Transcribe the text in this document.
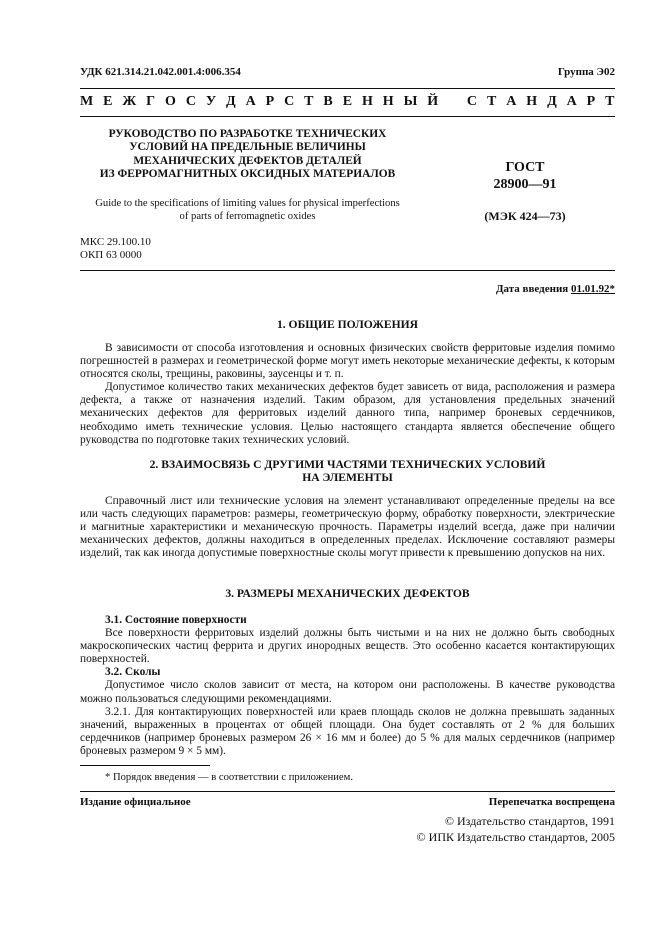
УДК 621.314.21.042.001.4:006.354	Группа Э02
М Е Ж Г О С У Д А Р С Т В Е Н Н Ы Й   С Т А Н Д А Р Т
РУКОВОДСТВО ПО РАЗРАБОТКЕ ТЕХНИЧЕСКИХ
УСЛОВИЙ НА ПРЕДЕЛЬНЫЕ ВЕЛИЧИНЫ
МЕХАНИЧЕСКИХ ДЕФЕКТОВ ДЕТАЛЕЙ
ИЗ ФЕРРОМАГНИТНЫХ ОКСИДНЫХ МАТЕРИАЛОВ
Guide to the specifications of limiting values for physical imperfections
of parts of ferromagnetic oxides
ГОСТ
28900—91
(МЭК 424—73)
МКС 29.100.10
ОКП 63 0000
Дата введения 01.01.92*
1. ОБЩИЕ ПОЛОЖЕНИЯ

В зависимости от способа изготовления и основных физических свойств ферритовые изделия помимо погрешностей в размерах и геометрической форме могут иметь некоторые механические дефекты, к которым относятся сколы, трещины, раковины, заусенцы и т. п.

Допустимое количество таких механических дефектов будет зависеть от вида, расположения и размера дефекта, а также от назначения изделий. Таким образом, для установления предельных значений механических дефектов для ферритовых изделий данного типа, например броневых сердечников, необходимо иметь технические условия. Целью настоящего стандарта является обеспечение общего руководства по подготовке таких технических условий.

2. ВЗАИМОСВЯЗЬ С ДРУГИМИ ЧАСТЯМИ ТЕХНИЧЕСКИХ УСЛОВИЙ
НА ЭЛЕМЕНТЫ

Справочный лист или технические условия на элемент устанавливают определенные пределы на все или часть следующих параметров: размеры, геометрическую форму, обработку поверхности, электрические и магнитные характеристики и механическую прочность. Параметры изделий всегда, даже при наличии механических дефектов, должны находиться в определенных пределах. Исключение составляют размеры изделий, так как иногда допустимые поверхностные сколы могут привести к превышению допусков на них.

3. РАЗМЕРЫ МЕХАНИЧЕСКИХ ДЕФЕКТОВ

3.1. Состояние поверхности

Все поверхности ферритовых изделий должны быть чистыми и на них не должно быть свободных макроскопических частиц феррита и других инородных веществ. Это особенно касается контактирующих поверхностей.

3.2. Сколы

Допустимое число сколов зависит от места, на котором они расположены. В качестве руководства можно пользоваться следующими рекомендациями.

3.2.1. Для контактирующих поверхностей или краев площадь сколов не должна превышать заданных значений, выраженных в процентах от общей площади. Она будет составлять от 2 % для больших сердечников (например броневых размером 26 × 16 мм и более) до 5 % для малых сердечников (например броневых размером 9 × 5 мм).

* Порядок введения — в соответствии с приложением.
Издание официальное	Перепечатка воспрещена
© Издательство стандартов, 1991
© ИПК Издательство стандартов, 2005
